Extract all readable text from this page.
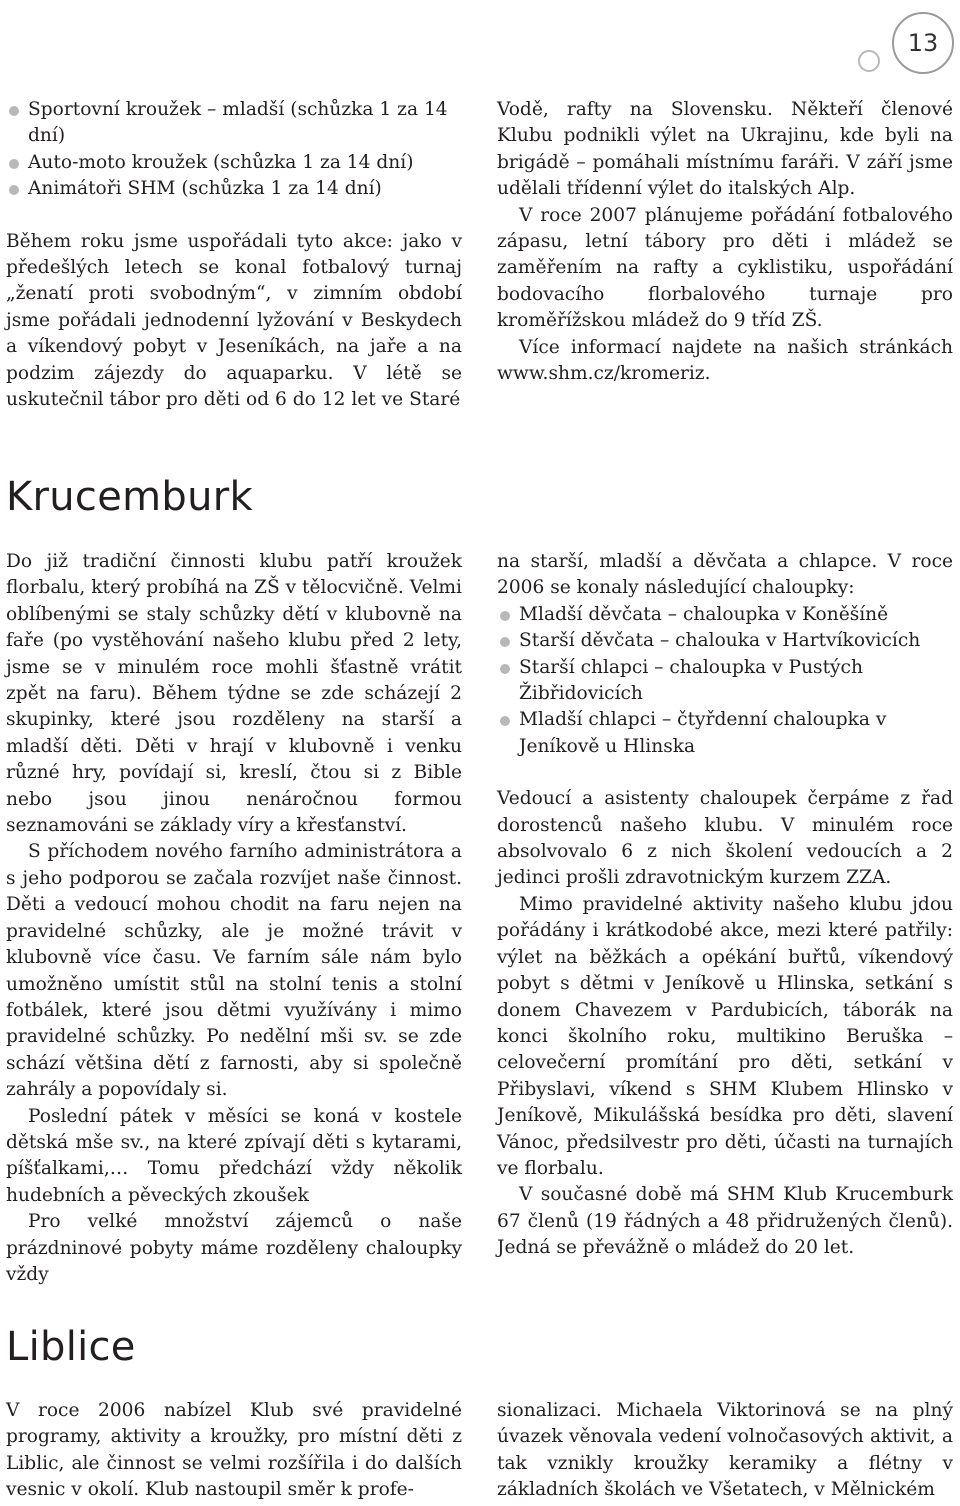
13

Sportovní kroužek – mladší (schůzka 1 za 14 dní)

Auto-moto kroužek (schůzka 1 za 14 dní)

Animátoři SHM (schůzka 1 za 14 dní)

Během roku jsme uspořádali tyto akce: jako v předešlých letech se konal fotbalový turnaj „ženatí proti svobodným“, v zimním období jsme pořádali jednodenní lyžování v Beskydech a víkendový pobyt v Jeseníkách, na jaře a na podzim zájezdy do aquaparku. V létě se uskutečnil tábor pro děti od 6 do 12 let ve Staré

Vodě, rafty na Slovensku. Někteří členové Klubu podnikli výlet na Ukrajinu, kde byli na brigádě – pomáhali místnímu faráři. V září jsme udělali třídenní výlet do italských Alp.

V roce 2007 plánujeme pořádání fotbalového zápasu, letní tábory pro děti i mládež se zaměřením na rafty a cyklistiku, uspořádání bodovacího florbalového turnaje pro kroměřížskou mládež do 9 tříd ZŠ.

Více informací najdete na našich stránkách www.shm.cz/kromeriz.

Krucemburk

Do již tradiční činnosti klubu patří kroužek florbalu, který probíhá na ZŠ v tělocvičně. Velmi oblíbenými se staly schůzky dětí v klubovně na faře (po vystěhování našeho klubu před 2 lety, jsme se v minulém roce mohli šťastně vrátit zpět na faru). Během týdne se zde scházejí 2 skupinky, které jsou rozděleny na starší a mladší děti. Děti v hrají v klubovně i venku různé hry, povídají si, kreslí, čtou si z Bible nebo jsou jinou nenáročnou formou seznamováni se základy víry a křesťanství.

S příchodem nového farního administrátora a s jeho podporou se začala rozvíjet naše činnost. Děti a vedoucí mohou chodit na faru nejen na pravidelné schůzky, ale je možné trávit v klubovně více času. Ve farním sále nám bylo umožněno umístit stůl na stolní tenis a stolní fotbálek, které jsou dětmi využívány i mimo pravidelné schůzky. Po nedělní mši sv. se zde schází většina dětí z farnosti, aby si společně zahrály a popovídaly si.

Poslední pátek v měsíci se koná v kostele dětská mše sv., na které zpívají děti s kytarami, píšťalkami,… Tomu předchází vždy několik hudebních a pěveckých zkoušek

Pro velké množství zájemců o naše prázdninové pobyty máme rozděleny chaloupky vždy

na starší, mladší a děvčata a chlapce. V roce 2006 se konaly následující chaloupky:

Mladší děvčata – chaloupka v Koněšíně

Starší děvčata – chalouka v Hartvíkovicích

Starší chlapci – chaloupka v Pustých Žibřidovicích

Mladší chlapci – čtyřdenní chaloupka v Jeníkově u Hlinska

Vedoucí a asistenty chaloupek čerpáme z řad dorostenců našeho klubu. V minulém roce absolvovalo 6 z nich školení vedoucích a 2 jedinci prošli zdravotnickým kurzem ZZA.

Mimo pravidelné aktivity našeho klubu jdou pořádány i krátkodobé akce, mezi které patřily: výlet na běžkách a opékání buřtů, víkendový pobyt s dětmi v Jeníkově u Hlinska, setkání s donem Chavezem v Pardubicích, táborák na konci školního roku, multikino Beruška – celovečerní promítání pro děti, setkání v Přibyslavi, víkend s SHM Klubem Hlinsko v Jeníkově, Mikulášská besídka pro děti, slavení Vánoc, předsilvestr pro děti, účasti na turnajích ve florbalu.

V současné době má SHM Klub Krucemburk 67 členů (19 řádných a 48 přidružených členů). Jedná se převážně o mládež do 20 let.

Liblice

V roce 2006 nabízel Klub své pravidelné programy, aktivity a kroužky, pro místní děti z Liblic, ale činnost se velmi rozšířila i do dalších vesnic v okolí. Klub nastoupil směr k profe-

sionalizaci. Michaela Viktorinová se na plný úvazek věnovala vedení volnočasových aktivit, a tak vznikly kroužky keramiky a flétny v základních školách ve Všetatech, v Mělnickém
